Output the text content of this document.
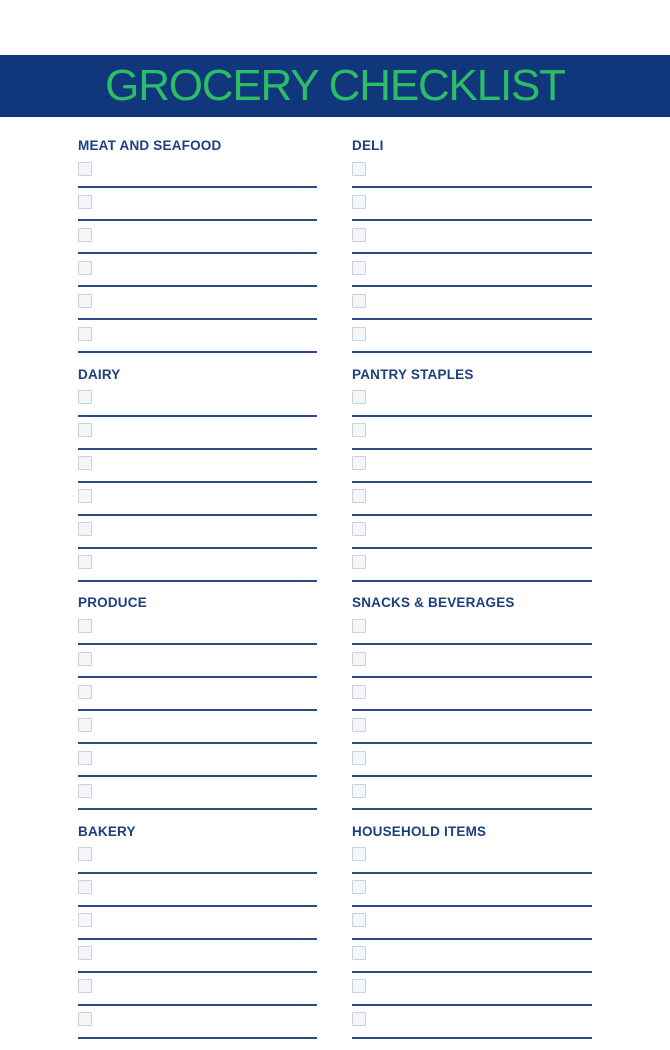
GROCERY CHECKLIST
MEAT AND SEAFOOD
DAIRY
PRODUCE
BAKERY
DELI
PANTRY STAPLES
SNACKS & BEVERAGES
HOUSEHOLD ITEMS
